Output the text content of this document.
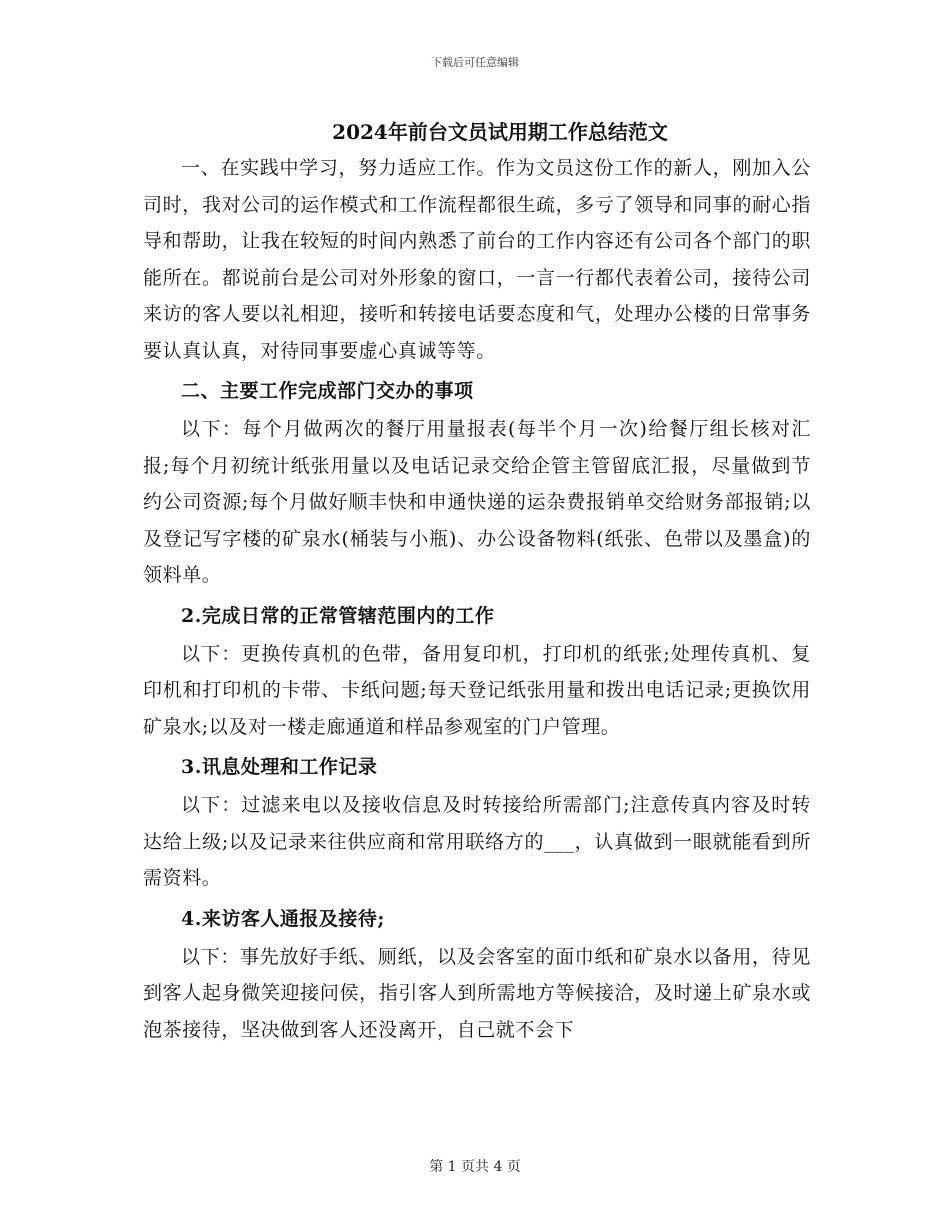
下载后可任意编辑
2024年前台文员试用期工作总结范文

一、在实践中学习，努力适应工作。作为文员这份工作的新人，刚加入公司时，我对公司的运作模式和工作流程都很生疏，多亏了领导和同事的耐心指导和帮助，让我在较短的时间内熟悉了前台的工作内容还有公司各个部门的职能所在。都说前台是公司对外形象的窗口，一言一行都代表着公司，接待公司来访的客人要以礼相迎，接听和转接电话要态度和气，处理办公楼的日常事务要认真认真，对待同事要虚心真诚等等。

二、主要工作完成部门交办的事项

以下：每个月做两次的餐厅用量报表(每半个月一次)给餐厅组长核对汇报;每个月初统计纸张用量以及电话记录交给企管主管留底汇报，尽量做到节约公司资源;每个月做好顺丰快和申通快递的运杂费报销单交给财务部报销;以及登记写字楼的矿泉水(桶装与小瓶)、办公设备物料(纸张、色带以及墨盒)的领料单。

2.完成日常的正常管辖范围内的工作

以下：更换传真机的色带，备用复印机，打印机的纸张;处理传真机、复印机和打印机的卡带、卡纸问题;每天登记纸张用量和拨出电话记录;更换饮用矿泉水;以及对一楼走廊通道和样品参观室的门户管理。

3.讯息处理和工作记录

以下：过滤来电以及接收信息及时转接给所需部门;注意传真内容及时转达给上级;以及记录来往供应商和常用联络方的___，认真做到一眼就能看到所需资料。

4.来访客人通报及接待;

以下：事先放好手纸、厕纸，以及会客室的面巾纸和矿泉水以备用，待见到客人起身微笑迎接问侯，指引客人到所需地方等候接洽，及时递上矿泉水或泡茶接待，坚决做到客人还没离开，自己就不会下

第 1 页共 4 页
